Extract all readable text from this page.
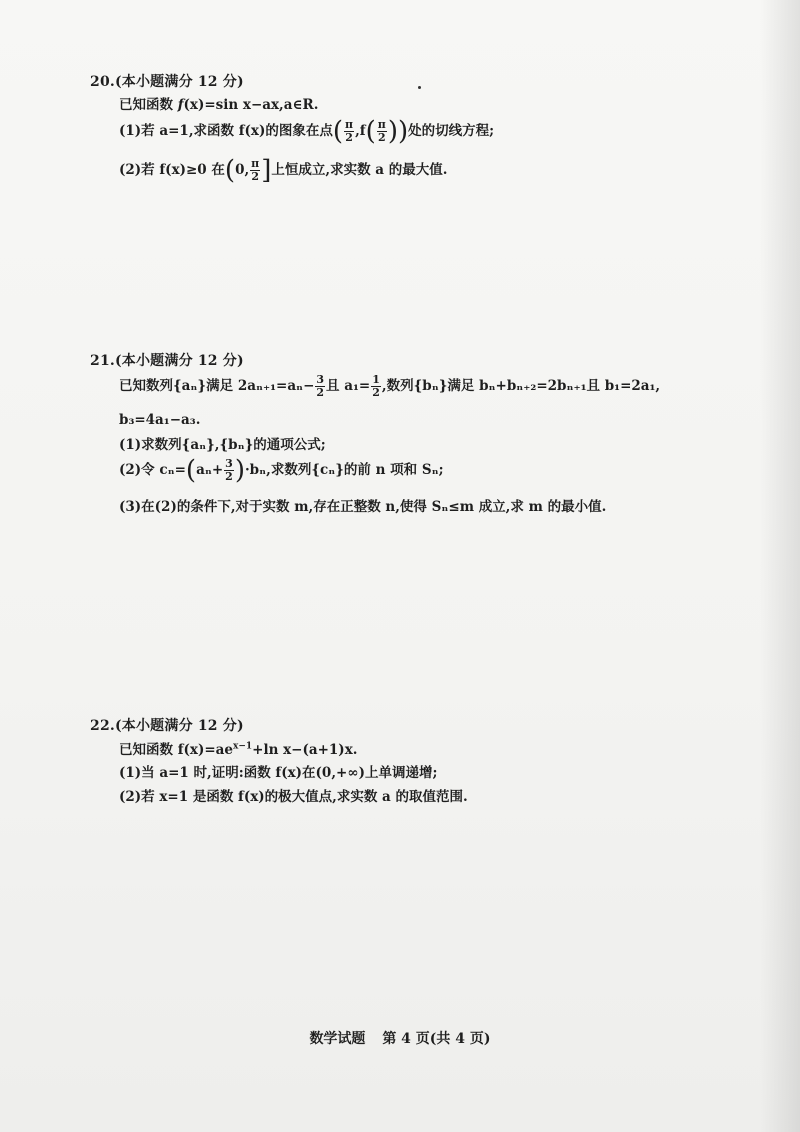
20.(本小题满分 12 分)
已知函数 f(x)=sin x−ax,a∈R.
(1)若 a=1,求函数 f(x)的图象在点( $\frac{\pi}{2} ,f( \frac{\pi}{2}$ ))处的切线方程;
(2)若 f(x)≥0 在(0, $\frac{\pi}{2}$ ]上恒成立,求实数 a 的最大值.
21.(本小题满分 12 分)
已知数列{aₙ}满足 $2a_{n+1}=a_n- \frac{3}{2}$ 且 $a_1= \frac{1}{2}$ ,数列{bₙ}满足 bₙ+bₙ₊₂=2bₙ₊₁且 b₁=2a₁,
b₃=4a₁−a₃.
(1)求数列{aₙ},{bₙ}的通项公式;
(2)令 $c_n=(a_n+ \frac{3}{2} )\cdot b_n$,求数列{cₙ}的前 n 项和 Sₙ;
(3)在(2)的条件下,对于实数 m,存在正整数 n,使得 Sₙ≤m 成立,求 m 的最小值.
22.(本小题满分 12 分)
已知函数 $f(x)=ae^{x-1}+\ln$ x−(a+1)x.
(1)当 a=1 时,证明:函数 f(x)在(0,+∞)上单调递增;
(2)若 x=1 是函数 f(x)的极大值点,求实数 a 的取值范围.
数学试题 第 4 页(共 4 页)
